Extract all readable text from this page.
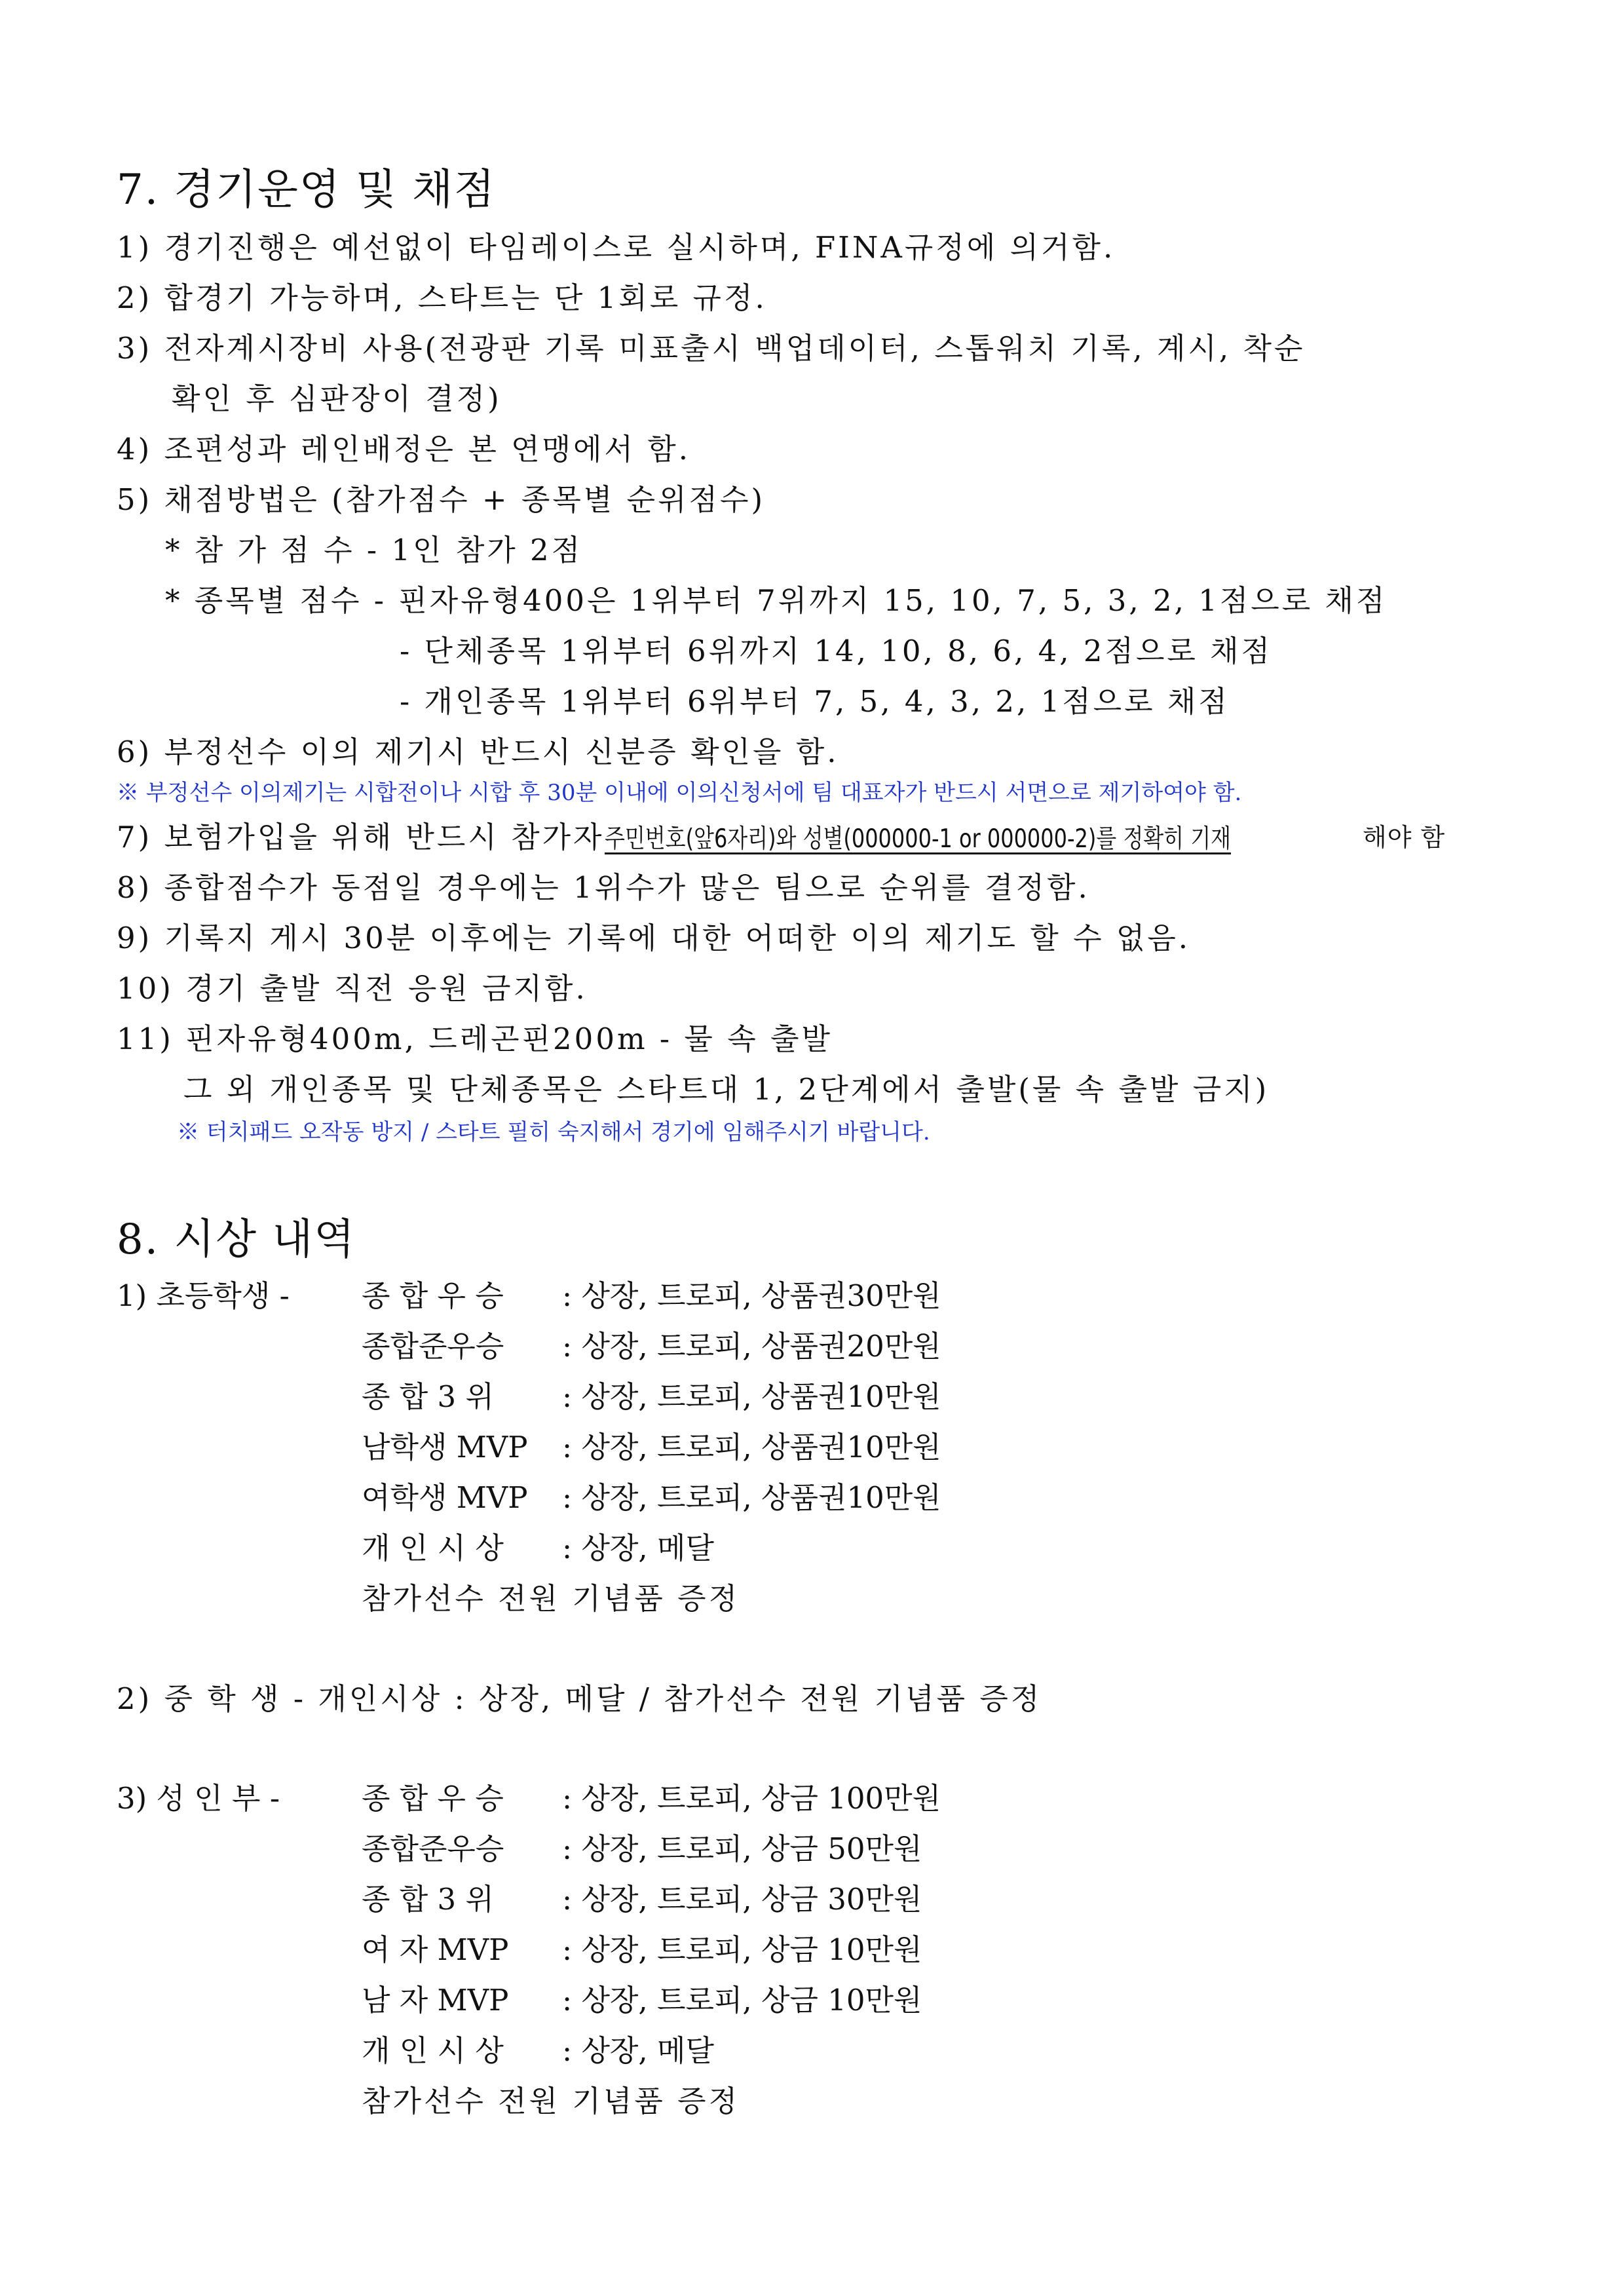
7. 경기운영 및 채점
1) 경기진행은 예선없이 타임레이스로 실시하며, FINA규정에 의거함.
2) 합경기 가능하며, 스타트는 단 1회로 규정.
3) 전자계시장비 사용(전광판 기록 미표출시 백업데이터, 스톱워치 기록, 계시, 착순
확인 후 심판장이 결정)
4) 조편성과 레인배정은 본 연맹에서 함.
5) 채점방법은 (참가점수 + 종목별 순위점수)
* 참 가 점 수 - 1인 참가 2점
* 종목별 점수 - 핀자유형400은 1위부터 7위까지 15, 10, 7, 5, 3, 2, 1점으로 채점
- 단체종목 1위부터 6위까지 14, 10, 8, 6, 4, 2점으로 채점
- 개인종목 1위부터 6위부터 7, 5, 4, 3, 2, 1점으로 채점
6) 부정선수 이의 제기시 반드시 신분증 확인을 함.
※ 부정선수 이의제기는 시합전이나 시합 후 30분 이내에 이의신청서에 팀 대표자가 반드시 서면으로 제기하여야 함.
7) 보험가입을 위해 반드시 참가자주민번호(앞6자리)와 성별(000000-1 or 000000-2)를 정확히 기재	해야 함
8) 종합점수가 동점일 경우에는 1위수가 많은 팀으로 순위를 결정함.
9) 기록지 게시 30분 이후에는 기록에 대한 어떠한 이의 제기도 할 수 없음.
10) 경기 출발 직전 응원 금지함.
11) 핀자유형400m, 드레곤핀200m - 물 속 출발
그 외 개인종목 및 단체종목은 스타트대 1, 2단계에서 출발(물 속 출발 금지)
※ 터치패드 오작동 방지 / 스타트 필히 숙지해서 경기에 임해주시기 바랍니다.
8. 시상 내역
1) 초등학생 - 종 합 우 승 : 상장, 트로피, 상품권30만원
종합준우승 : 상장, 트로피, 상품권20만원
종 합 3 위 : 상장, 트로피, 상품권10만원
남학생 MVP : 상장, 트로피, 상품권10만원
여학생 MVP : 상장, 트로피, 상품권10만원
개 인 시 상 : 상장, 메달
참가선수 전원 기념품 증정
2) 중 학 생 - 개인시상 : 상장, 메달 / 참가선수 전원 기념품 증정
3) 성 인 부 -	종 합 우 승 : 상장, 트로피, 상금 100만원
종합준우승 : 상장, 트로피, 상금 50만원
종 합 3 위 : 상장, 트로피, 상금 30만원
여 자 MVP : 상장, 트로피, 상금 10만원
남 자 MVP : 상장, 트로피, 상금 10만원
개 인 시 상 : 상장, 메달
참가선수 전원 기념품 증정
